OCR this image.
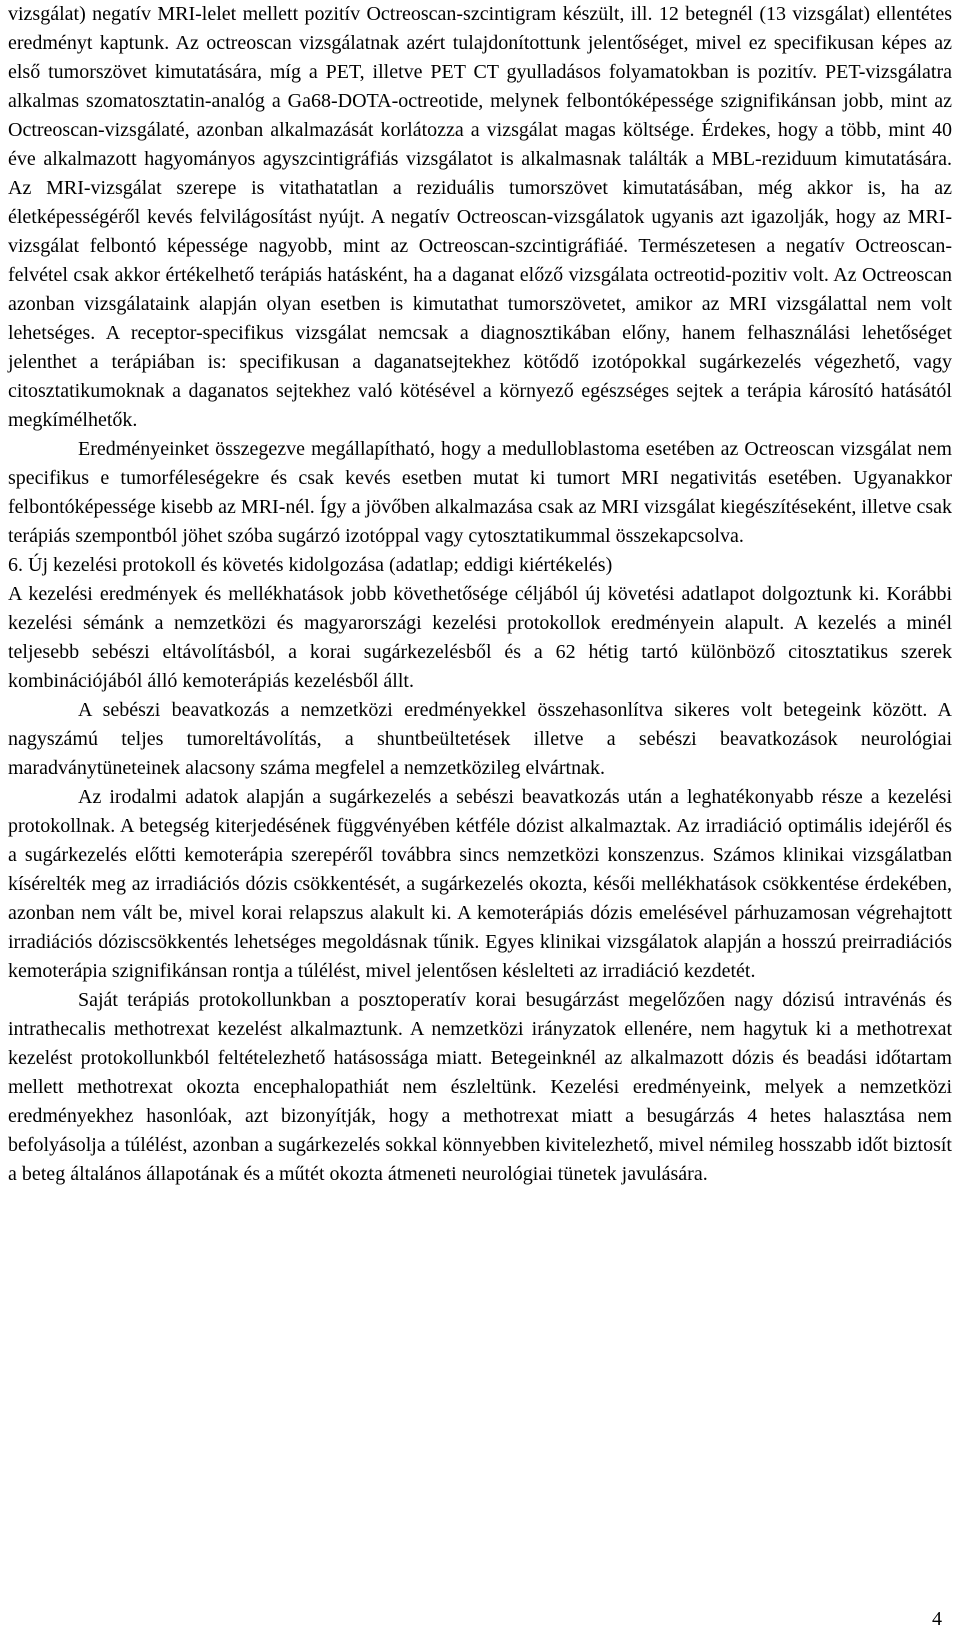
vizsgálat) negatív MRI-lelet mellett pozitív Octreoscan-szcintigram készült, ill. 12 betegnél (13 vizsgálat) ellentétes eredményt kaptunk. Az octreoscan vizsgálatnak azért tulajdonítottunk jelentőséget, mivel ez specifikusan képes az első tumorszövet kimutatására, míg a PET, illetve PET CT gyulladásos folyamatokban is pozitív. PET-vizsgálatra alkalmas szomatosztatin-analóg a Ga68-DOTA-octreotide, melynek felbontóképessége szignifikánsan jobb, mint az Octreoscan-vizsgálaté, azonban alkalmazását korlátozza a vizsgálat magas költsége. Érdekes, hogy a több, mint 40 éve alkalmazott hagyományos agyszcintigráfiás vizsgálatot is alkalmasnak találták a MBL-reziduum kimutatására. Az MRI-vizsgálat szerepe is vitathatatlan a reziduális tumorszövet kimutatásában, még akkor is, ha az életképességéről kevés felvilágosítást nyújt. A negatív Octreoscan-vizsgálatok ugyanis azt igazolják, hogy az MRI-vizsgálat felbontó képessége nagyobb, mint az Octreoscan-szcintigráfiáé. Természetesen a negatív Octreoscan-felvétel csak akkor értékelhető terápiás hatásként, ha a daganat előző vizsgálata octreotid-pozitiv volt. Az Octreoscan azonban vizsgálataink alapján olyan esetben is kimutathat tumorszövetet, amikor az MRI vizsgálattal nem volt lehetséges. A receptor-specifikus vizsgálat nemcsak a diagnosztikában előny, hanem felhasználási lehetőséget jelenthet a terápiában is: specifikusan a daganatsejtekhez kötődő izotópokkal sugárkezelés végezhető, vagy citosztatikumoknak a daganatos sejtekhez való kötésével a környező egészséges sejtek a terápia károsító hatásától megkímélhetők.

Eredményeinket összegezve megállapítható, hogy a medulloblastoma esetében az Octreoscan vizsgálat nem specifikus e tumorféleségekre és csak kevés esetben mutat ki tumort MRI negativitás esetében. Ugyanakkor felbontóképessége kisebb az MRI-nél. Így a jövőben alkalmazása csak az MRI vizsgálat kiegészítéseként, illetve csak terápiás szempontból jöhet szóba sugárzó izotóppal vagy cytosztatikummal összekapcsolva.

6. Új kezelési protokoll és követés kidolgozása (adatlap; eddigi kiértékelés)

A kezelési eredmények és mellékhatások jobb követhetősége céljából új követési adatlapot dolgoztunk ki. Korábbi kezelési sémánk a nemzetközi és magyarországi kezelési protokollok eredményein alapult. A kezelés a minél teljesebb sebészi eltávolításból, a korai sugárkezelésből és a 62 hétig tartó különböző citosztatikus szerek kombinációjából álló kemoterápiás kezelésből állt.

A sebészi beavatkozás a nemzetközi eredményekkel összehasonlítva sikeres volt betegeink között. A nagyszámú teljes tumoreltávolítás, a shuntbeültetések illetve a sebészi beavatkozások neurológiai maradványtüneteinek alacsony száma megfelel a nemzetközileg elvártnak.

Az irodalmi adatok alapján a sugárkezelés a sebészi beavatkozás után a leghatékonyabb része a kezelési protokollnak. A betegség kiterjedésének függvényében kétféle dózist alkalmaztak. Az irradiáció optimális idejéről és a sugárkezelés előtti kemoterápia szerepéről továbbra sincs nemzetközi konszenzus. Számos klinikai vizsgálatban kísérelték meg az irradiációs dózis csökkentését, a sugárkezelés okozta, késői mellékhatások csökkentése érdekében, azonban nem vált be, mivel korai relapszus alakult ki. A kemoterápiás dózis emelésével párhuzamosan végrehajtott irradiációs dóziscsökkentés lehetséges megoldásnak tűnik. Egyes klinikai vizsgálatok alapján a hosszú preirradiációs kemoterápia szignifikánsan rontja a túlélést, mivel jelentősen késlelteti az irradiáció kezdetét.

Saját terápiás protokollunkban a posztoperatív korai besugárzást megelőzően nagy dózisú intravénás és intrathecalis methotrexat kezelést alkalmaztunk. A nemzetközi irányzatok ellenére, nem hagytuk ki a methotrexat kezelést protokollunkból feltételezhető hatásossága miatt. Betegeinknél az alkalmazott dózis és beadási időtartam mellett methotrexat okozta encephalopathiát nem észleltünk. Kezelési eredményeink, melyek a nemzetközi eredményekhez hasonlóak, azt bizonyítják, hogy a methotrexat miatt a besugárzás 4 hetes halasztása nem befolyásolja a túlélést, azonban a sugárkezelés sokkal könnyebben kivitelezhető, mivel némileg hosszabb időt biztosít a beteg általános állapotának és a műtét okozta átmeneti neurológiai tünetek javulására.

4
